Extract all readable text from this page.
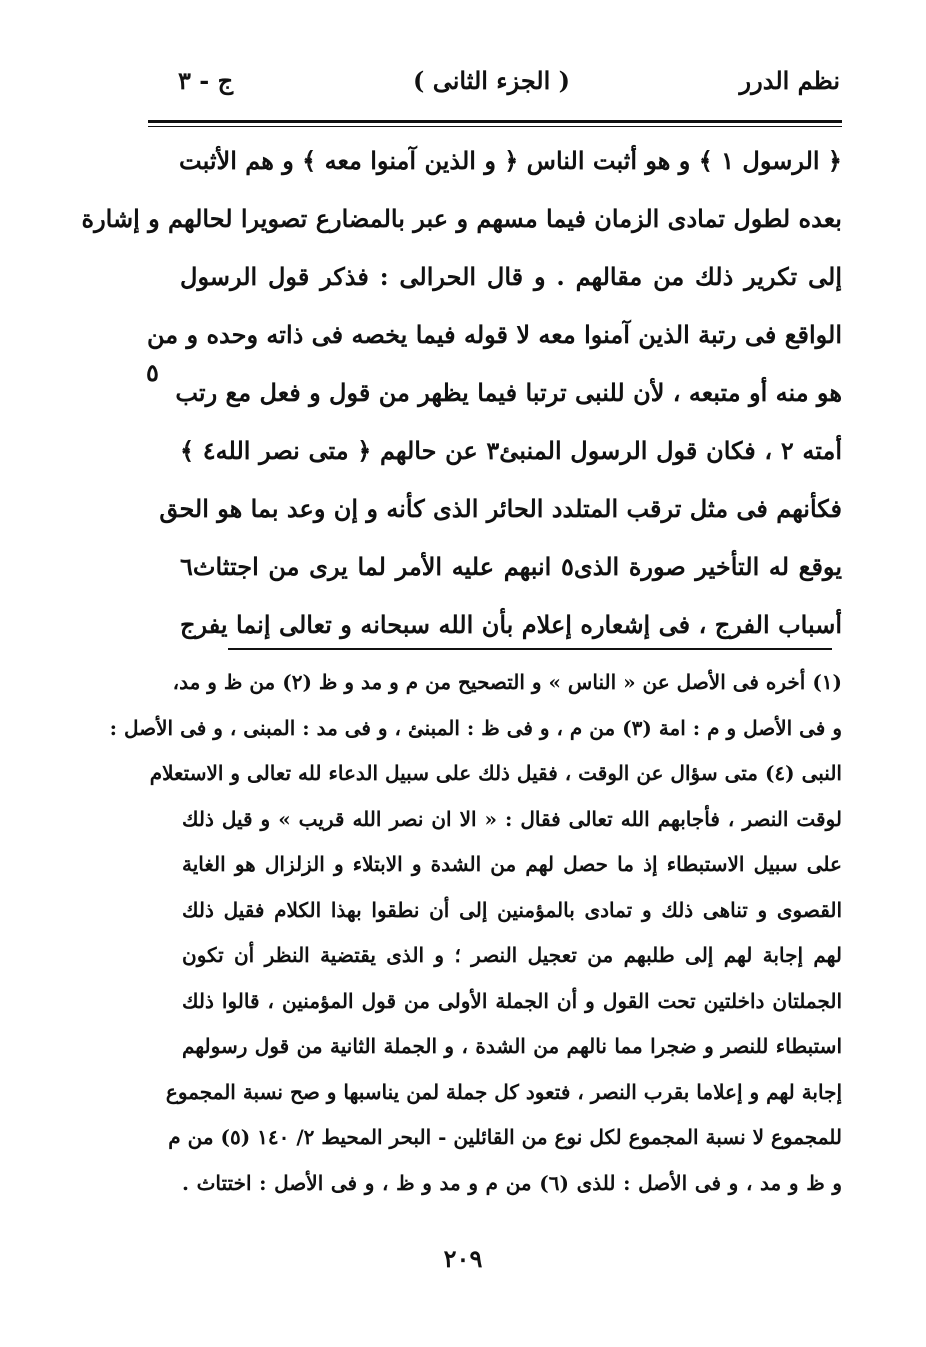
نظم الدرر
( الجزء الثانى )
ج - ٣
﴿ الرسول ١ ﴾ و هو أثبت الناس ﴿ و الذين آمنوا معه ﴾ و هم الأثبت
بعده لطول تمادى الزمان فيما مسهم و عبر بالمضارع تصويرا لحالهم و إشارة
إلى تكرير ذلك من مقالهم . و قال الحرالى : فذكر قول الرسول
الواقع فى رتبة الذين آمنوا معه لا قوله فيما يخصه فى ذاته وحده و من
هو منه أو متبعه ، لأن للنبى ترتبا فيما يظهر من قول و فعل مع رتب
أمته ٢ ، فكان قول الرسول المنبئ٣ عن حالهم ﴿ متى نصر الله٤ ﴾
فكأنهم فى مثل ترقب المتلدد الحائر الذى كأنه و إن وعد بما هو الحق
يوقع له التأخير صورة الذى٥ انبهم عليه الأمر لما يرى من اجتثاث٦
أسباب الفرج ، فى إشعاره إعلام بأن الله سبحانه و تعالى إنما يفرج
٥
(١) أخره فى الأصل عن « الناس » و التصحيح من م و مد و ظ (٢) من ظ و مد،
و فى الأصل و م : امة (٣) من م ، و فى ظ : المبنئ ، و فى مد : المبنى ، و فى الأصل :
النبى (٤) متى سؤال عن الوقت ، فقيل ذلك على سبيل الدعاء لله تعالى و الاستعلام
لوقت النصر ، فأجابهم الله تعالى فقال : « الا ان نصر الله قريب » و قيل ذلك
على سبيل الاستبطاء إذ ما حصل لهم من الشدة و الابتلاء و الزلزال هو الغاية
القصوى و تناهى ذلك و تمادى بالمؤمنين إلى أن نطقوا بهذا الكلام فقيل ذلك
لهم إجابة لهم إلى طلبهم من تعجيل النصر ؛ و الذى يقتضية النظر أن تكون
الجملتان داخلتين تحت القول و أن الجملة الأولى من قول المؤمنين ، قالوا ذلك
استبطاء للنصر و ضجرا مما نالهم من الشدة ، و الجملة الثانية من قول رسولهم
إجابة لهم و إعلاما بقرب النصر ، فتعود كل جملة لمن يناسبها و صح نسبة المجموع
للمجموع لا نسبة المجموع لكل نوع من القائلين - البحر المحيط ٢/ ١٤٠ (٥) من م
و ظ و مد ، و فى الأصل : للذى (٦) من م و مد و ظ ، و فى الأصل : اختتاث .
٢٠٩
